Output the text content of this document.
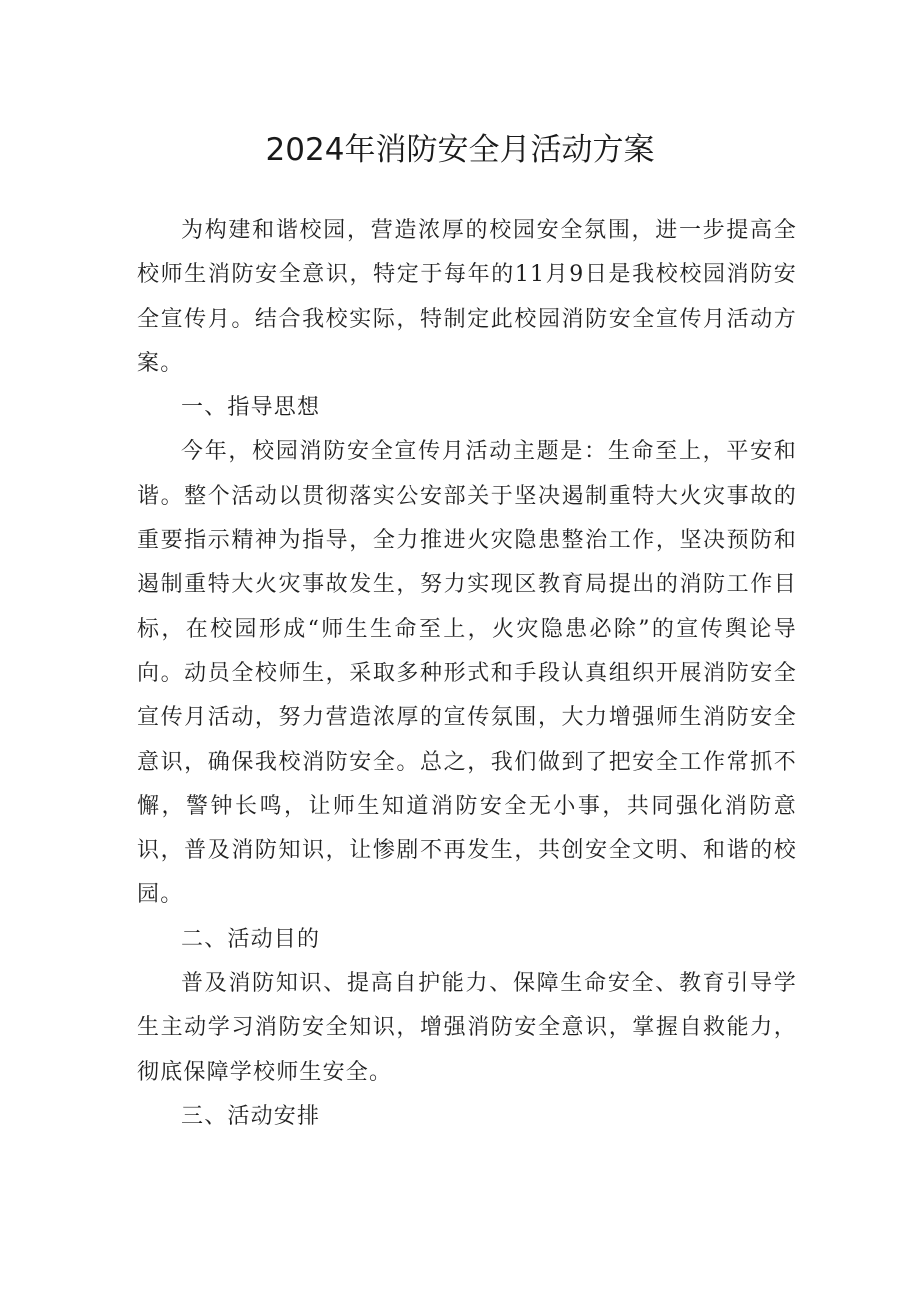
2024年消防安全月活动方案

为构建和谐校园，营造浓厚的校园安全氛围，进一步提高全校师生消防安全意识，特定于每年的11月9日是我校校园消防安全宣传月。结合我校实际，特制定此校园消防安全宣传月活动方案。

一、指导思想

今年，校园消防安全宣传月活动主题是：生命至上，平安和谐。整个活动以贯彻落实公安部关于坚决遏制重特大火灾事故的重要指示精神为指导，全力推进火灾隐患整治工作，坚决预防和遏制重特大火灾事故发生，努力实现区教育局提出的消防工作目标，在校园形成“师生生命至上，火灾隐患必除”的宣传舆论导向。动员全校师生，采取多种形式和手段认真组织开展消防安全宣传月活动，努力营造浓厚的宣传氛围，大力增强师生消防安全意识，确保我校消防安全。总之，我们做到了把安全工作常抓不懈，警钟长鸣，让师生知道消防安全无小事，共同强化消防意识，普及消防知识，让惨剧不再发生，共创安全文明、和谐的校园。

二、活动目的

普及消防知识、提高自护能力、保障生命安全、教育引导学生主动学习消防安全知识，增强消防安全意识，掌握自救能力，彻底保障学校师生安全。

三、活动安排
